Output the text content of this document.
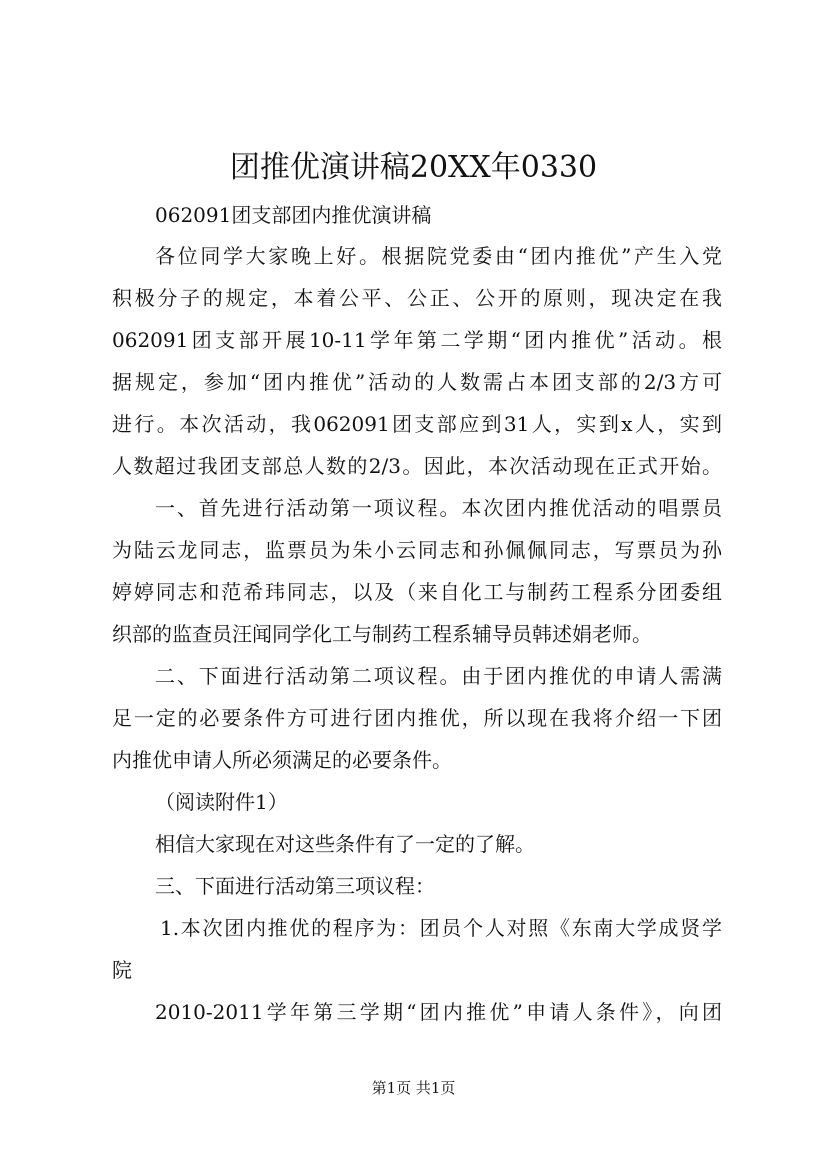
团推优演讲稿20XX年0330
062091团支部团内推优演讲稿
各位同学大家晚上好。根据院党委由“团内推优”产生入党
积极分子的规定，本着公平、公正、公开的原则，现决定在我
062091团支部开展10-11学年第二学期“团内推优”活动。根
据规定，参加“团内推优”活动的人数需占本团支部的2/3方可
进行。本次活动，我062091团支部应到31人，实到x人，实到
人数超过我团支部总人数的2/3。因此，本次活动现在正式开始。
一、首先进行活动第一项议程。本次团内推优活动的唱票员
为陆云龙同志，监票员为朱小云同志和孙佩佩同志，写票员为孙
婷婷同志和范希玮同志，以及（来自化工与制药工程系分团委组
织部的监查员汪闻同学化工与制药工程系辅导员韩述娟老师。
二、下面进行活动第二项议程。由于团内推优的申请人需满
足一定的必要条件方可进行团内推优，所以现在我将介绍一下团
内推优申请人所必须满足的必要条件。
（阅读附件1）
相信大家现在对这些条件有了一定的了解。
三、下面进行活动第三项议程：
1.本次团内推优的程序为：团员个人对照《东南大学成贤学
院
2010-2011学年第三学期“团内推优”申请人条件》，向团
第1页 共1页
